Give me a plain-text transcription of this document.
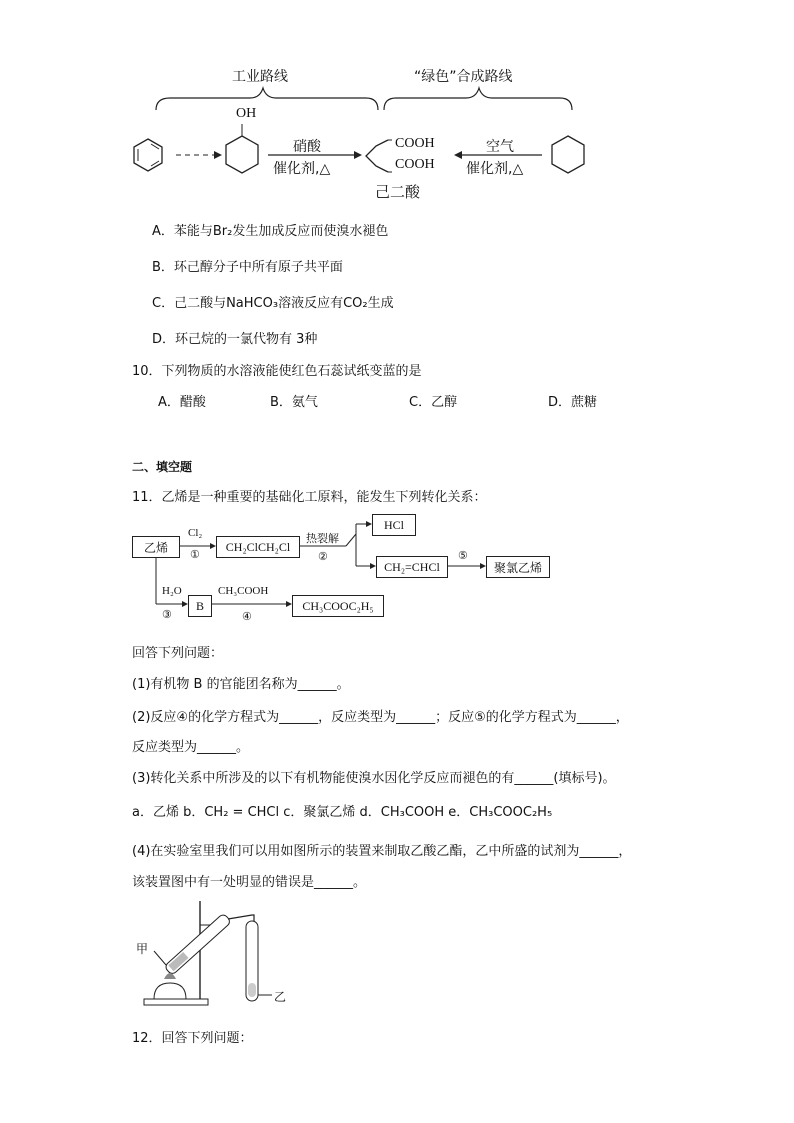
工业路线	“绿色”合成路线
OH
硝酸
催化剂,△
COOH
COOH
空气
催化剂,△
己二酸
A．苯能与Br₂发生加成反应而使溴水褪色
B．环己醇分子中所有原子共平面
C．己二酸与NaHCO₃溶液反应有CO₂生成
D．环己烷的一氯代物有 3种
10．下列物质的水溶液能使红色石蕊试纸变蓝的是
A．醋酸	B．氨气	C．乙醇	D．蔗糖
二、填空题
11．乙烯是一种重要的基础化工原料，能发生下列转化关系：
乙烯
Cl₂
①
CH₂ClCH₂Cl
热裂解
②
HCl
CH₂=CHCl
⑤
聚氯乙烯
H₂O
③
B
CH₃COOH
④
CH₃COOC₂H₅
回答下列问题：
(1)有机物 B 的官能团名称为______。
(2)反应④的化学方程式为______，反应类型为______；反应⑤的化学方程式为______，
反应类型为______。
(3)转化关系中所涉及的以下有机物能使溴水因化学反应而褪色的有______(填标号)。
a．乙烯 b．CH₂ = CHCl c．聚氯乙烯 d．CH₃COOH e．CH₃COOC₂H₅
(4)在实验室里我们可以用如图所示的装置来制取乙酸乙酯，乙中所盛的试剂为______，
该装置图中有一处明显的错误是______。
甲
乙
12．回答下列问题：
